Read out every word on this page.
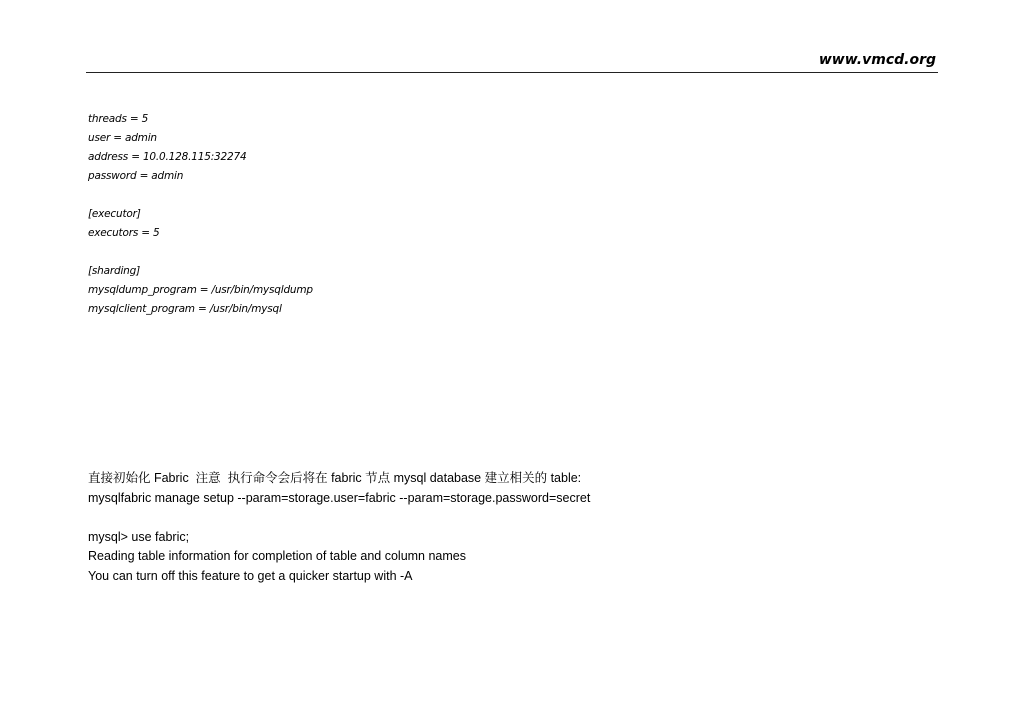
www.vmcd.org
threads = 5
user = admin
address = 10.0.128.115:32274
password = admin
[executor]
executors = 5
[sharding]
mysqldump_program = /usr/bin/mysqldump
mysqlclient_program = /usr/bin/mysql
直接初始化 Fabric  注意  执行命令会后将在 fabric 节点 mysql database 建立相关的 table:
mysqlfabric manage setup --param=storage.user=fabric --param=storage.password=secret
mysql> use fabric;
Reading table information for completion of table and column names
You can turn off this feature to get a quicker startup with -A
